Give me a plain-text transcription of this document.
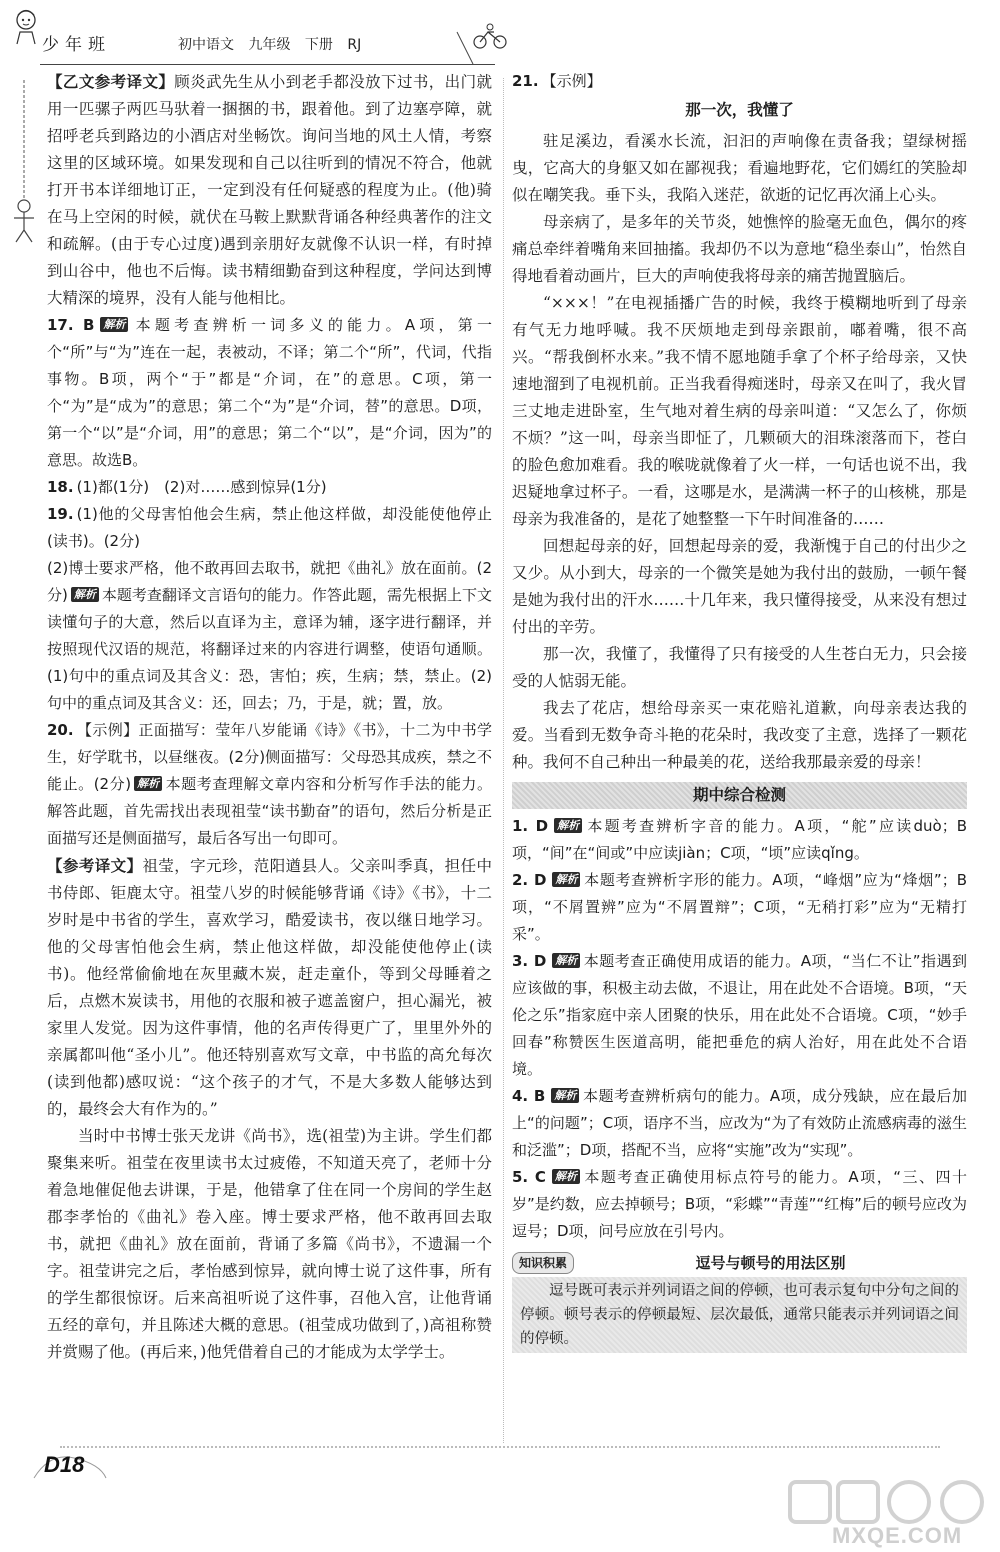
少年班	初中语文 九年级 下册 RJ

【乙文参考译文】顾炎武先生从小到老手都没放下过书，出门就用一匹骡子两匹马驮着一捆捆的书，跟着他。到了边塞亭障，就招呼老兵到路边的小酒店对坐畅饮。询问当地的风土人情，考察这里的区域环境。如果发现和自己以往听到的情况不符合，他就打开书本详细地订正，一定到没有任何疑惑的程度为止。(他)骑在马上空闲的时候，就伏在马鞍上默默背诵各种经典著作的注文和疏解。(由于专心过度)遇到亲朋好友就像不认识一样，有时掉到山谷中，他也不后悔。读书精细勤奋到这种程度，学问达到博大精深的境界，没有人能与他相比。

17. B 解析 本题考查辨析一词多义的能力。A项，第一个“所”与“为”连在一起，表被动，不译；第二个“所”，代词，代指事物。B项，两个“于”都是“介词，在”的意思。C项，第一个“为”是“成为”的意思；第二个“为”是“介词，替”的意思。D项，第一个“以”是“介词，用”的意思；第二个“以”，是“介词，因为”的意思。故选B。

18. (1)都(1分)　(2)对……感到惊异(1分)

19. (1)他的父母害怕他会生病，禁止他这样做，却没能使他停止(读书)。(2分)

(2)博士要求严格，他不敢再回去取书，就把《曲礼》放在面前。(2分) 解析 本题考查翻译文言语句的能力。作答此题，需先根据上下文读懂句子的大意，然后以直译为主，意译为辅，逐字进行翻译，并按照现代汉语的规范，将翻译过来的内容进行调整，使语句通顺。(1)句中的重点词及其含义：恐，害怕；疾，生病；禁，禁止。(2)句中的重点词及其含义：还，回去；乃，于是，就；置，放。

20. 【示例】正面描写：莹年八岁能诵《诗》《书》，十二为中书学生，好学耽书，以昼继夜。(2分)侧面描写：父母恐其成疾，禁之不能止。(2分) 解析 本题考查理解文章内容和分析写作手法的能力。解答此题，首先需找出表现祖莹“读书勤奋”的语句，然后分析是正面描写还是侧面描写，最后各写出一句即可。

【参考译文】祖莹，字元珍，范阳遒县人。父亲叫季真，担任中书侍郎、钜鹿太守。祖莹八岁的时候能够背诵《诗》《书》，十二岁时是中书省的学生，喜欢学习，酷爱读书，夜以继日地学习。他的父母害怕他会生病，禁止他这样做，却没能使他停止(读书)。他经常偷偷地在灰里藏木炭，赶走童仆，等到父母睡着之后，点燃木炭读书，用他的衣服和被子遮盖窗户，担心漏光，被家里人发觉。因为这件事情，他的名声传得更广了，里里外外的亲属都叫他“圣小儿”。他还特别喜欢写文章，中书监的高允每次(读到他都)感叹说：“这个孩子的才气，不是大多数人能够达到的，最终会大有作为的。”

当时中书博士张天龙讲《尚书》，选(祖莹)为主讲。学生们都聚集来听。祖莹在夜里读书太过疲倦，不知道天亮了，老师十分着急地催促他去讲课，于是，他错拿了住在同一个房间的学生赵郡李孝怡的《曲礼》卷入座。博士要求严格，他不敢再回去取书，就把《曲礼》放在面前，背诵了多篇《尚书》，不遗漏一个字。祖莹讲完之后，孝怡感到惊异，就向博士说了这件事，所有的学生都很惊讶。后来高祖听说了这件事，召他入宫，让他背诵五经的章句，并且陈述大概的意思。(祖莹成功做到了，)高祖称赞并赏赐了他。(再后来，)他凭借着自己的才能成为太学学士。

21. 【示例】

那一次，我懂了

驻足溪边，看溪水长流，汩汩的声响像在责备我；望绿树摇曳，它高大的身躯又如在鄙视我；看遍地野花，它们嫣红的笑脸却似在嘲笑我。垂下头，我陷入迷茫，欲逝的记忆再次涌上心头。

母亲病了，是多年的关节炎，她憔悴的脸毫无血色，偶尔的疼痛总牵绊着嘴角来回抽搐。我却仍不以为意地“稳坐泰山”，怡然自得地看着动画片，巨大的声响使我将母亲的痛苦抛置脑后。

“×××！”在电视插播广告的时候，我终于模糊地听到了母亲有气无力地呼喊。我不厌烦地走到母亲跟前，嘟着嘴，很不高兴。“帮我倒杯水来。”我不情不愿地随手拿了个杯子给母亲，又快速地溜到了电视机前。正当我看得痴迷时，母亲又在叫了，我火冒三丈地走进卧室，生气地对着生病的母亲叫道：“又怎么了，你烦不烦？”这一叫，母亲当即怔了，几颗硕大的泪珠滚落而下，苍白的脸色愈加难看。我的喉咙就像着了火一样，一句话也说不出，我迟疑地拿过杯子。一看，这哪是水，是满满一杯子的山核桃，那是母亲为我准备的，是花了她整整一下午时间准备的……

回想起母亲的好，回想起母亲的爱，我渐愧于自己的付出少之又少。从小到大，母亲的一个微笑是她为我付出的鼓励，一顿午餐是她为我付出的汗水……十几年来，我只懂得接受，从来没有想过付出的辛劳。

那一次，我懂了，我懂得了只有接受的人生苍白无力，只会接受的人惦弱无能。

我去了花店，想给母亲买一束花赔礼道歉，向母亲表达我的爱。当看到无数争奇斗艳的花朵时，我改变了主意，选择了一颗花种。我何不自己种出一种最美的花，送给我那最亲爱的母亲！

期中综合检测

1. D 解析 本题考查辨析字音的能力。A项，“舵”应读duò；B项，“间”在“间或”中应读jiàn；C项，“顷”应读qǐng。

2. D 解析 本题考查辨析字形的能力。A项，“峰烟”应为“烽烟”；B项，“不屑置辨”应为“不屑置辩”；C项，“无稍打彩”应为“无精打采”。

3. D 解析 本题考查正确使用成语的能力。A项，“当仁不让”指遇到应该做的事，积极主动去做，不退让，用在此处不合语境。B项，“天伦之乐”指家庭中亲人团聚的快乐，用在此处不合语境。C项，“妙手回春”称赞医生医道高明，能把垂危的病人治好，用在此处不合语境。

4. B 解析 本题考查辨析病句的能力。A项，成分残缺，应在最后加上“的问题”；C项，语序不当，应改为“为了有效防止流感病毒的滋生和泛滥”；D项，搭配不当，应将“实施”改为“实现”。

5. C 解析 本题考查正确使用标点符号的能力。A项，“三、四十岁”是约数，应去掉顿号；B项，“彩蝶”“青莲”“红梅”后的顿号应改为逗号；D项，问号应放在引号内。

知识积累	逗号与顿号的用法区别
逗号既可表示并列词语之间的停顿，也可表示复句中分句之间的停顿。顿号表示的停顿最短、层次最低，通常只能表示并列词语之间的停顿。
D18
MXQE.COM
